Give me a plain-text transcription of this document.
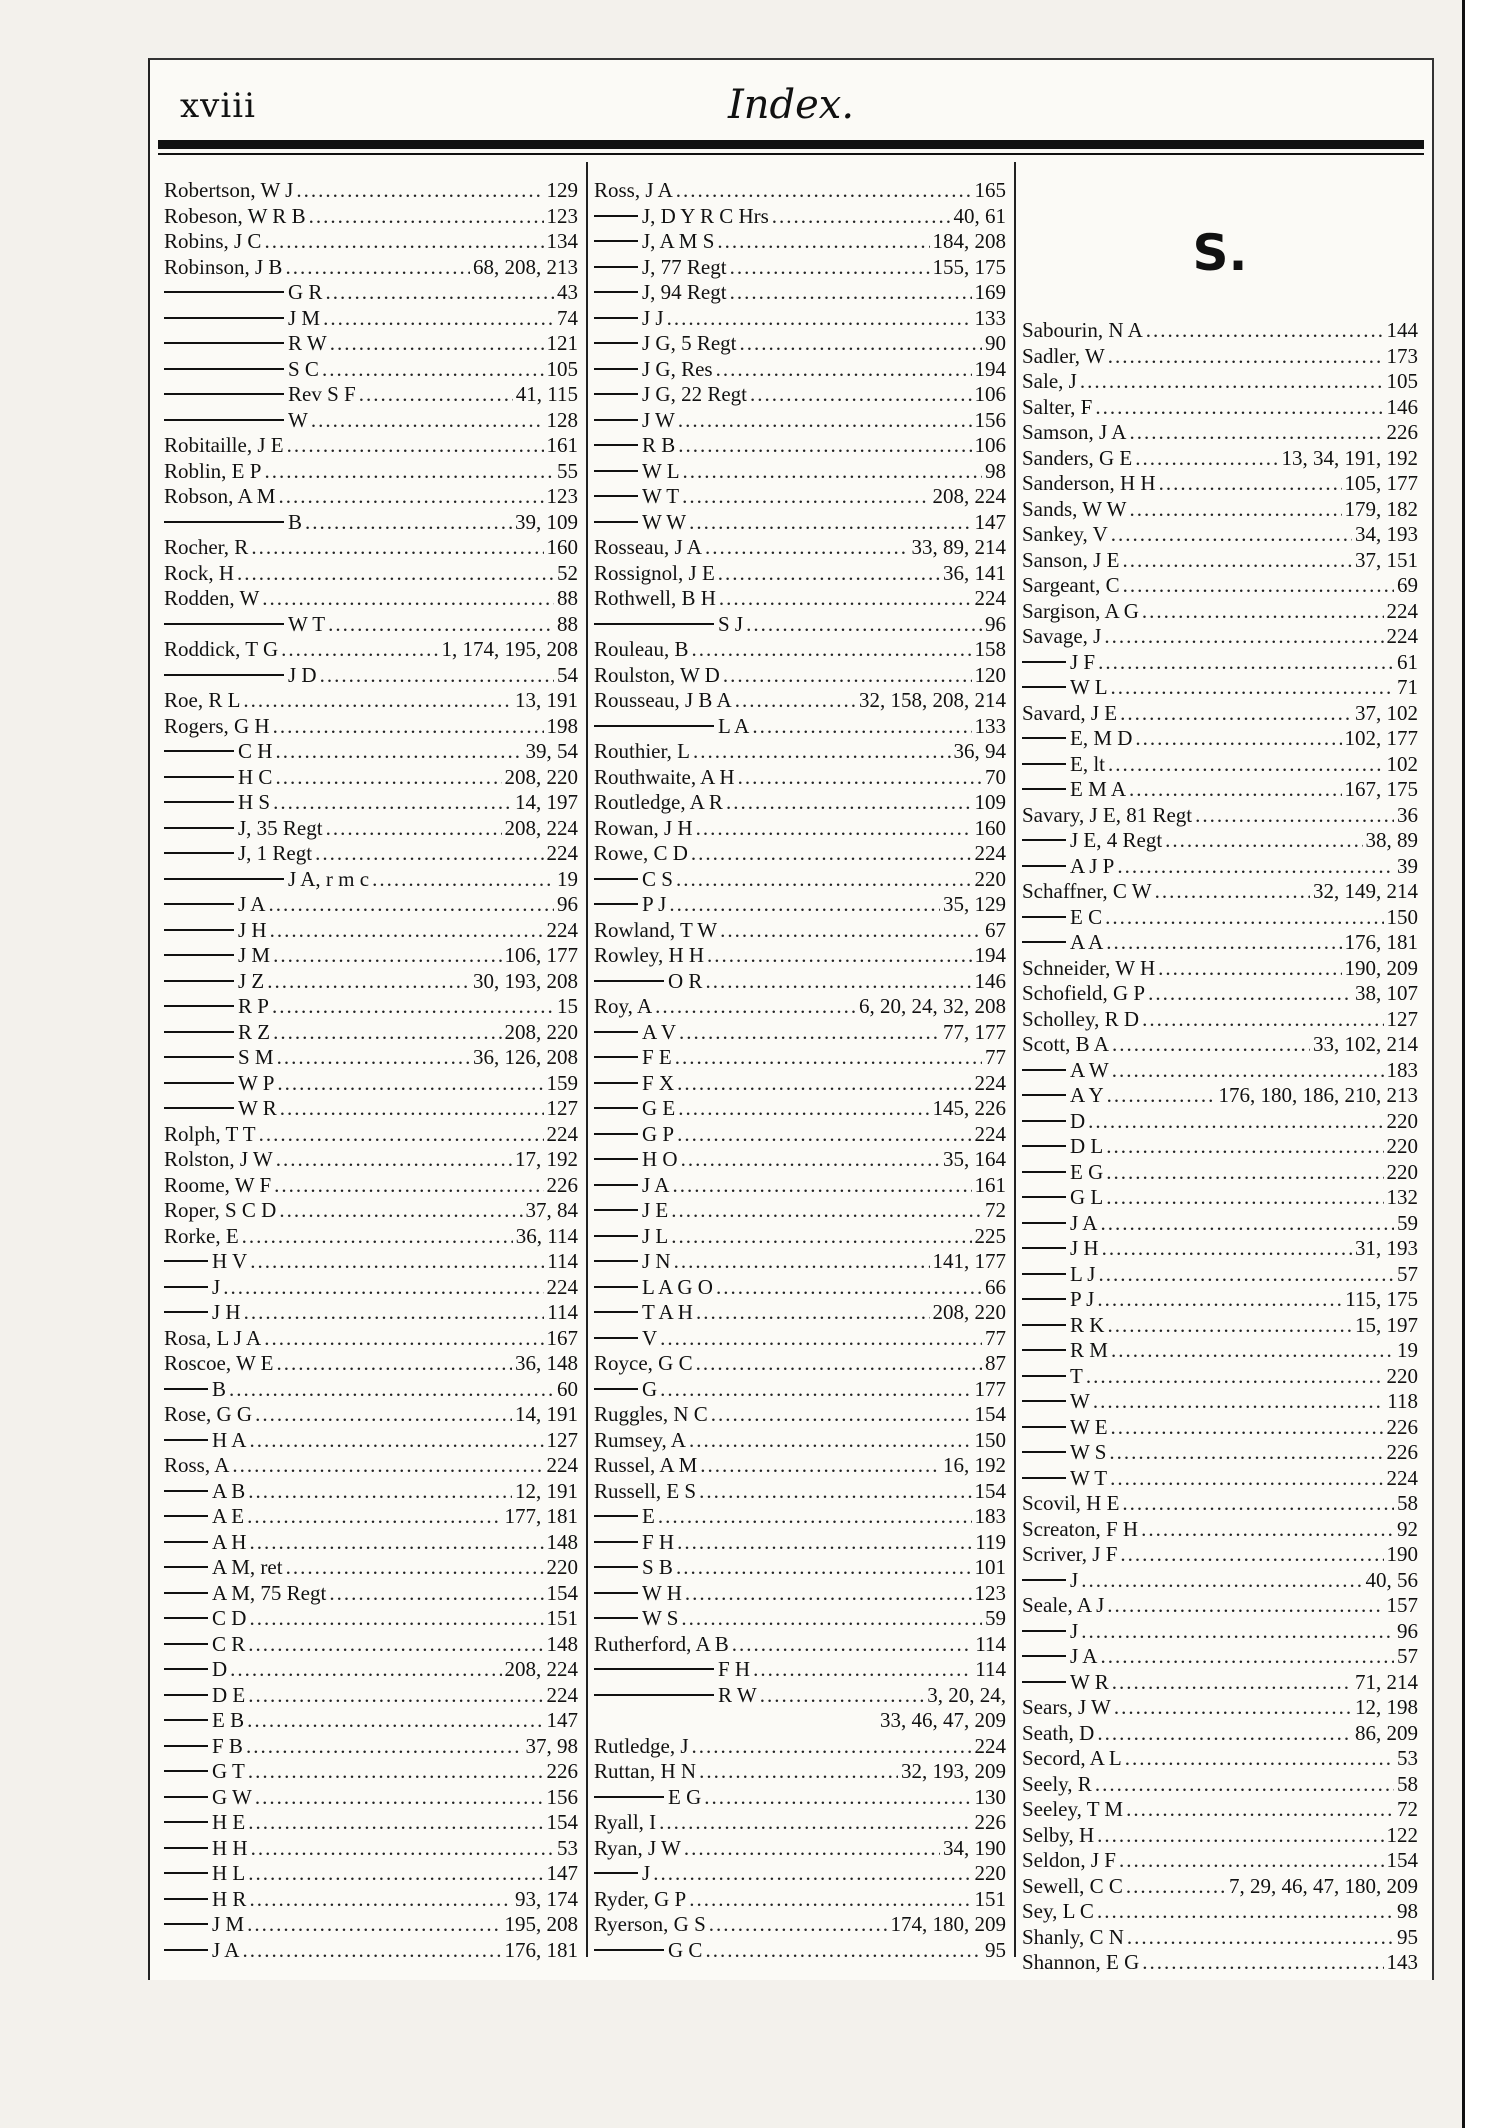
xviii	Index.
Robertson, W J .....	129
Robeson, W R B .....	123
Robins, J C .....	134
Robinson, J B .....	68, 208, 213
G R .....	43
J M .....	74
R W .....	121
S C .....	105
Rev S F .....	41, 115
W .....	128
Robitaille, J E .....	161
Roblin, E P .....	55
Robson, A M .....	123
B .....	39, 109
Rocher, R .....	160
Rock, H .....	52
Rodden, W .....	88
W T .....	88
Roddick, T G .....	1, 174, 195, 208
J D .....	54
Roe, R L .....	13, 191
Rogers, G H .....	198
C H .....	39, 54
H C .....	208, 220
H S .....	14, 197
J, 35 Regt .....	208, 224
J, 1 Regt .....	224
J A, r m c .....	19
J A .....	96
J H .....	224
J M .....	106, 177
J Z .....	30, 193, 208
R P .....	15
R Z .....	208, 220
S M .....	36, 126, 208
W P .....	159
W R .....	127
Rolph, T T .....	224
Rolston, J W .....	17, 192
Roome, W F .....	226
Roper, S C D .....	37, 84
Rorke, E .....	36, 114
H V .....	114
J .....	224
J H .....	114
Rosa, L J A .....	167
Roscoe, W E .....	36, 148
B .....	60
Rose, G G .....	14, 191
H A .....	127
Ross, A .....	224
A B .....	12, 191
A E .....	177, 181
A H .....	148
A M, ret .....	220
A M, 75 Regt .....	154
C D .....	151
C R .....	148
D .....	208, 224
D E .....	224
E B .....	147
F B .....	37, 98
G T .....	226
G W .....	156
H E .....	154
H H .....	53
H L .....	147
H R .....	93, 174
J M .....	195, 208
J A .....	176, 181
Ross, J A .....	165
J, D Y R C Hrs .....	40, 61
J, A M S .....	184, 208
J, 77 Regt .....	155, 175
J, 94 Regt .....	169
J J .....	133
J G, 5 Regt .....	90
J G, Res .....	194
J G, 22 Regt .....	106
J W .....	156
R B .....	106
W L .....	98
W T .....	208, 224
W W .....	147
Rosseau, J A .....	33, 89, 214
Rossignol, J E .....	36, 141
Rothwell, B H .....	224
S J .....	96
Rouleau, B .....	158
Roulston, W D .....	120
Rousseau, J B A .....	32, 158, 208, 214
L A .....	133
Routhier, L .....	36, 94
Routhwaite, A H .....	70
Routledge, A R .....	109
Rowan, J H .....	160
Rowe, C D .....	224
C S .....	220
P J .....	35, 129
Rowland, T W .....	67
Rowley, H H .....	194
O R .....	146
Roy, A .....	6, 20, 24, 32, 208
A V .....	77, 177
F E .....	77
F X .....	224
G E .....	145, 226
G P .....	224
H O .....	35, 164
J A .....	161
J E .....	72
J L .....	225
J N .....	141, 177
L A G O .....	66
T A H .....	208, 220
V .....	77
Royce, G C .....	87
G .....	177
Ruggles, N C .....	154
Rumsey, A .....	150
Russel, A M .....	16, 192
Russell, E S .....	154
E .....	183
F H .....	119
S B .....	101
W H .....	123
W S .....	59
Rutherford, A B .....	114
F H .....	114
R W .....	3, 20, 24,
33, 46, 47, 209
Rutledge, J .....	224
Ruttan, H N .....	32, 193, 209
E G .....	130
Ryall, I .....	226
Ryan, J W .....	34, 190
J .....	220
Ryder, G P .....	151
Ryerson, G S .....	174, 180, 209
G C .....	95
S.
Sabourin, N A .....	144
Sadler, W .....	173
Sale, J .....	105
Salter, F .....	146
Samson, J A .....	226
Sanders, G E .....	13, 34, 191, 192
Sanderson, H H .....	105, 177
Sands, W W .....	179, 182
Sankey, V .....	34, 193
Sanson, J E .....	37, 151
Sargeant, C .....	69
Sargison, A G .....	224
Savage, J .....	224
J F .....	61
W L .....	71
Savard, J E .....	37, 102
E, M D .....	102, 177
E, lt .....	102
E M A .....	167, 175
Savary, J E, 81 Regt .....	36
J E, 4 Regt .....	38, 89
A J P .....	39
Schaffner, C W .....	32, 149, 214
E C .....	150
A A .....	176, 181
Schneider, W H .....	190, 209
Schofield, G P .....	38, 107
Scholley, R D .....	127
Scott, B A .....	33, 102, 214
A W .....	183
A Y .....	176, 180, 186, 210, 213
D .....	220
D L .....	220
E G .....	220
G L .....	132
J A .....	59
J H .....	31, 193
L J .....	57
P J .....	115, 175
R K .....	15, 197
R M .....	19
T .....	220
W .....	118
W E .....	226
W S .....	226
W T .....	224
Scovil, H E .....	58
Screaton, F H .....	92
Scriver, J F .....	190
J .....	40, 56
Seale, A J .....	157
J .....	96
J A .....	57
W R .....	71, 214
Sears, J W .....	12, 198
Seath, D .....	86, 209
Secord, A L .....	53
Seely, R .....	58
Seeley, T M .....	72
Selby, H .....	122
Seldon, J F .....	154
Sewell, C C .....	7, 29, 46, 47, 180, 209
Sey, L C .....	98
Shanly, C N .....	95
Shannon, E G .....	143
